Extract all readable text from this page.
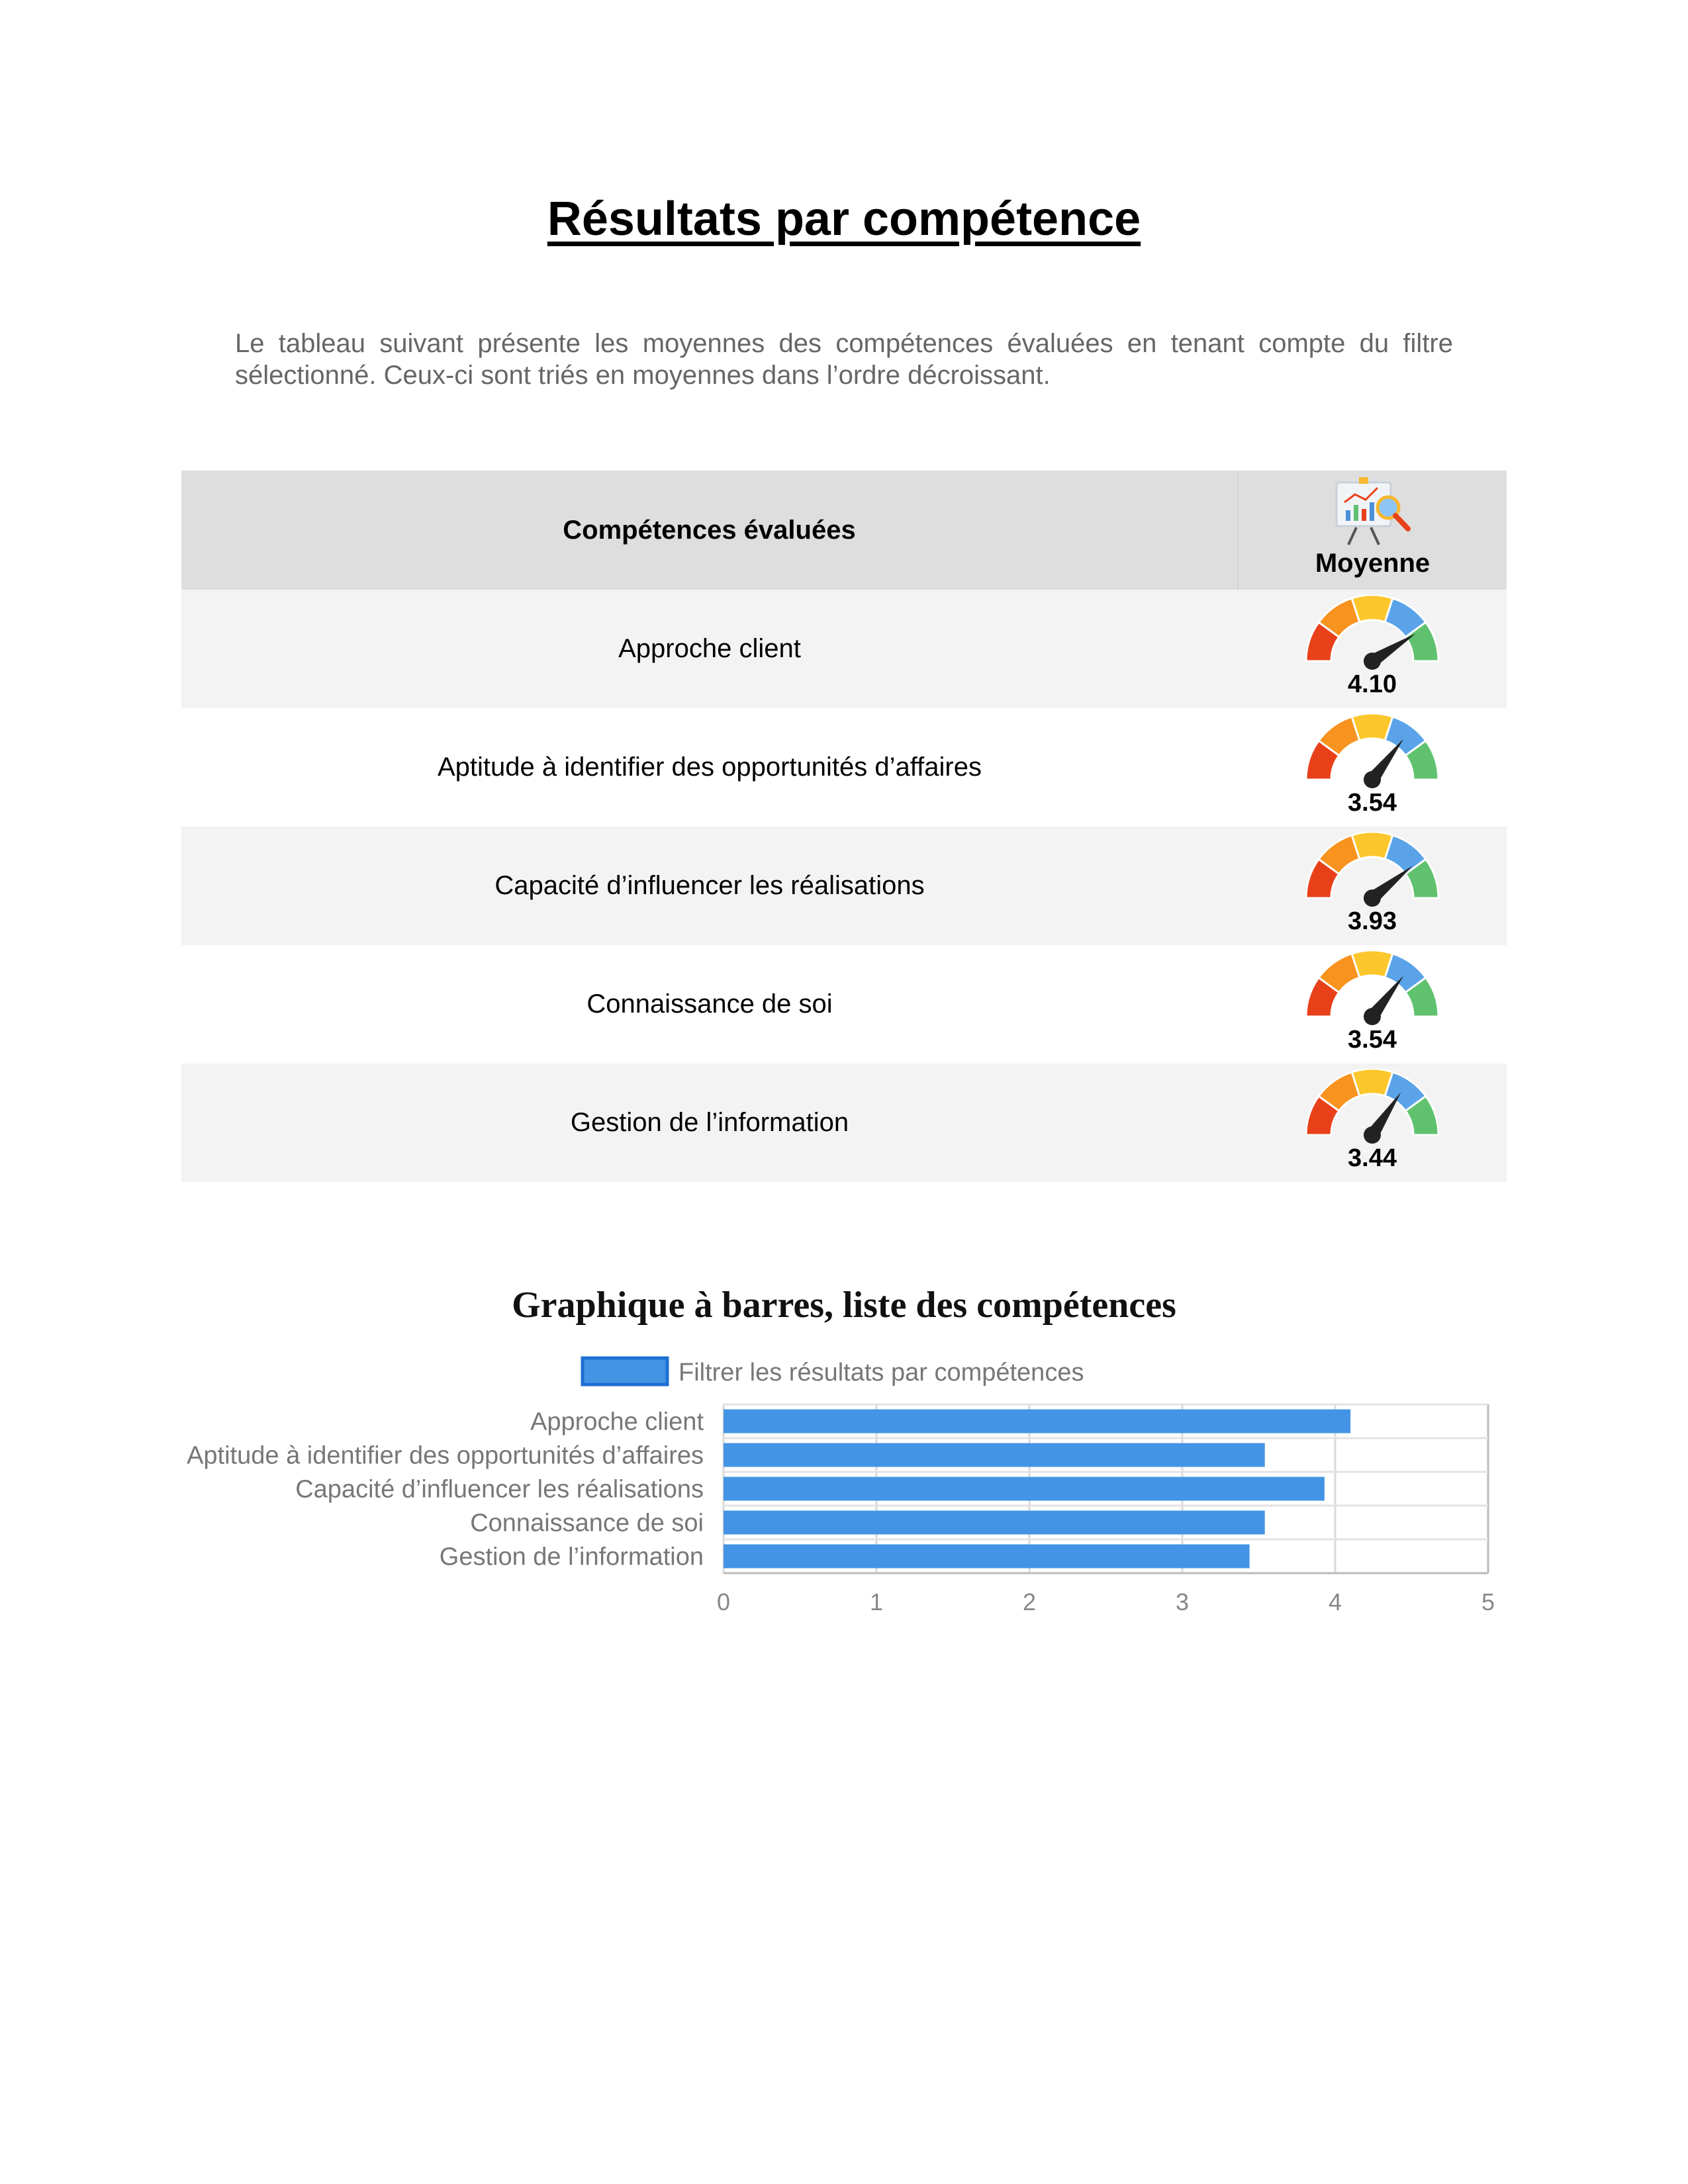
Résultats par compétence

Le tableau suivant présente les moyennes des compétences évaluées en tenant compte du filtre sélectionné. Ceux-ci sont triés en moyennes dans l’ordre décroissant.

Compétences évaluées	Moyenne

Approche client	4.10

Aptitude à identifier des opportunités d’affaires	3.54

Capacité d’influencer les réalisations	3.93

Connaissance de soi	3.54

Gestion de l’information	3.44
Graphique à barres, liste des compétences
Filtrer les résultats par compétences
0	1	2	3	4	5
Approche client
Aptitude à identifier des opportunités d’affaires
Capacité d’influencer les réalisations
Connaissance de soi
Gestion de l’information
